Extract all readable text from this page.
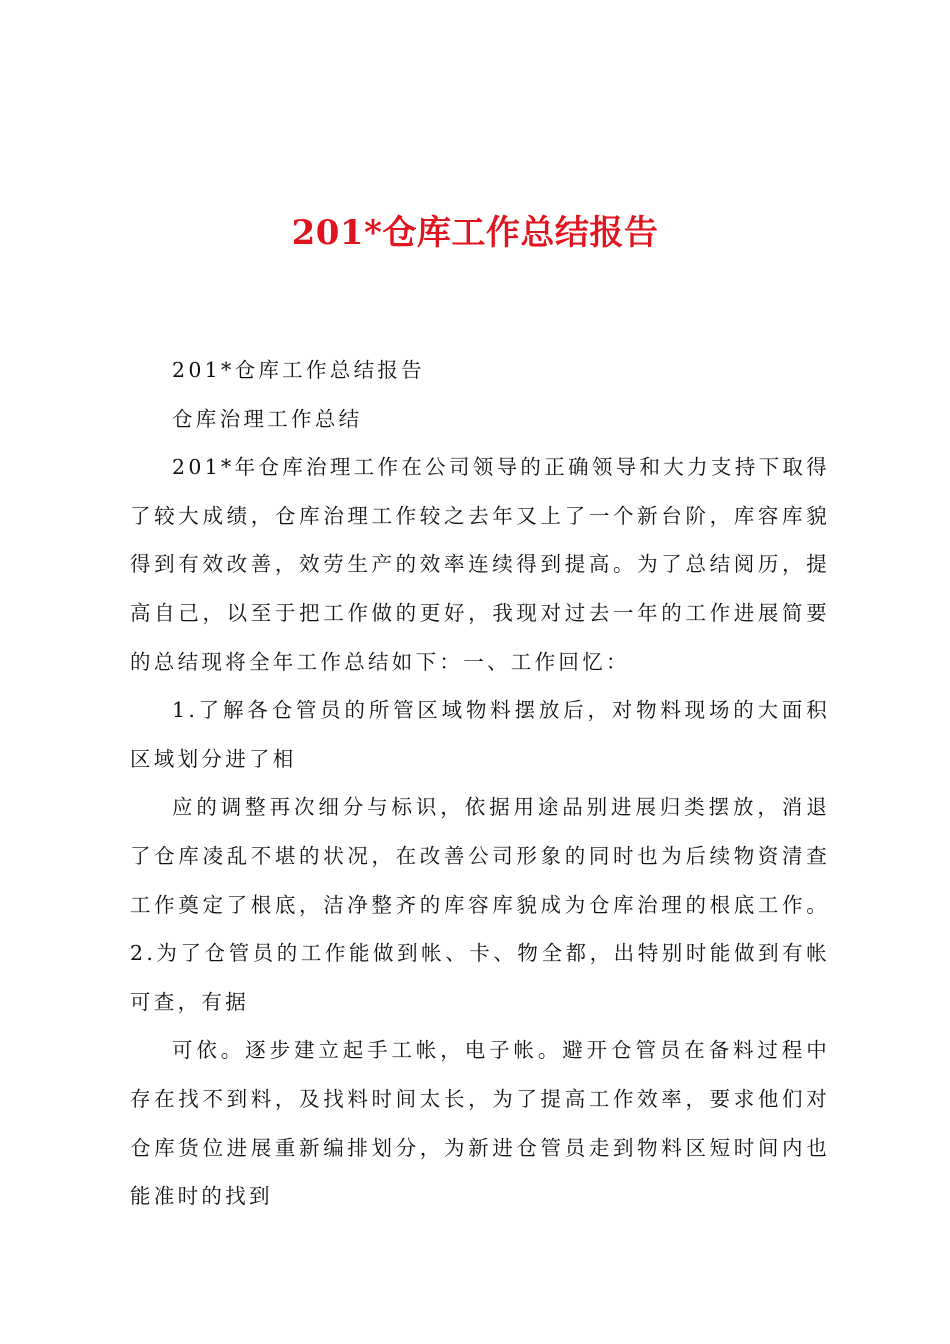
201*仓库工作总结报告

201*仓库工作总结报告

仓库治理工作总结

201*年仓库治理工作在公司领导的正确领导和大力支持下取得了较大成绩，仓库治理工作较之去年又上了一个新台阶，库容库貌得到有效改善，效劳生产的效率连续得到提高。为了总结阅历，提高自己，以至于把工作做的更好，我现对过去一年的工作进展简要的总结现将全年工作总结如下：一、工作回忆：

1.了解各仓管员的所管区域物料摆放后，对物料现场的大面积区域划分进了相

应的调整再次细分与标识，依据用途品别进展归类摆放，消退了仓库凌乱不堪的状况，在改善公司形象的同时也为后续物资清查工作奠定了根底，洁净整齐的库容库貌成为仓库治理的根底工作。2.为了仓管员的工作能做到帐、卡、物全都，出特别时能做到有帐可查，有据

可依。逐步建立起手工帐，电子帐。避开仓管员在备料过程中存在找不到料，及找料时间太长，为了提高工作效率，要求他们对仓库货位进展重新编排划分，为新进仓管员走到物料区短时间内也能准时的找到
